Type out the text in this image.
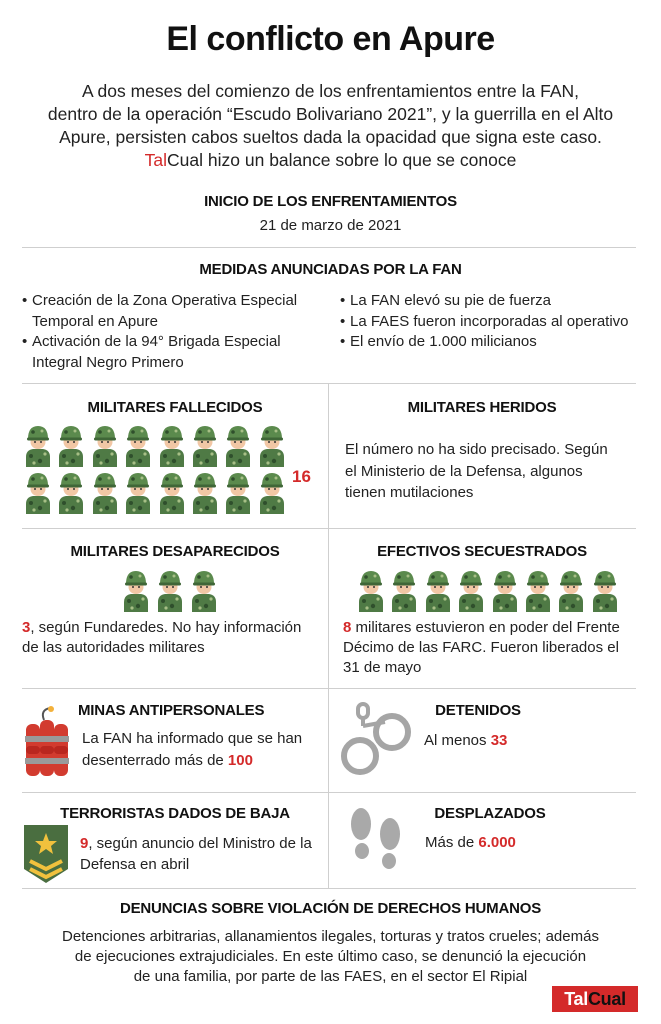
El conflicto en Apure
A dos meses del comienzo de los enfrentamientos entre la FAN,
dentro de la operación “Escudo Bolivariano 2021”, y la guerrilla en el Alto
Apure, persisten cabos sueltos dada la opacidad que signa este caso.
TalCual hizo un balance sobre lo que se conoce
INICIO DE LOS ENFRENTAMIENTOS
21 de marzo de 2021
MEDIDAS ANUNCIADAS POR LA FAN
• Creación de la Zona Operativa Especial Temporal en Apure
• Activación de la 94° Brigada Especial Integral Negro Primero
• La FAN elevó su pie de fuerza
• La FAES fueron incorporadas al operativo
• El envío de 1.000 milicianos
MILITARES FALLECIDOS
16
MILITARES HERIDOS
El número no ha sido precisado. Según el Ministerio de la Defensa, algunos tienen mutilaciones
MILITARES DESAPARECIDOS
3, según Fundaredes. No hay información de las autoridades militares
EFECTIVOS SECUESTRADOS
8 militares estuvieron en poder del Frente Décimo de las FARC. Fueron liberados el 31 de mayo
MINAS ANTIPERSONALES
La FAN ha informado que se han desenterrado más de 100
DETENIDOS
Al menos 33
TERRORISTAS DADOS DE BAJA
9, según anuncio del Ministro de la Defensa en abril
DESPLAZADOS
Más de 6.000
DENUNCIAS SOBRE VIOLACIÓN DE DERECHOS HUMANOS
Detenciones arbitrarias, allanamientos ilegales, torturas y tratos crueles; además
de ejecuciones extrajudiciales. En este último caso, se denunció la ejecución
de una familia, por parte de las FAES, en el sector El Ripial
TalCual
